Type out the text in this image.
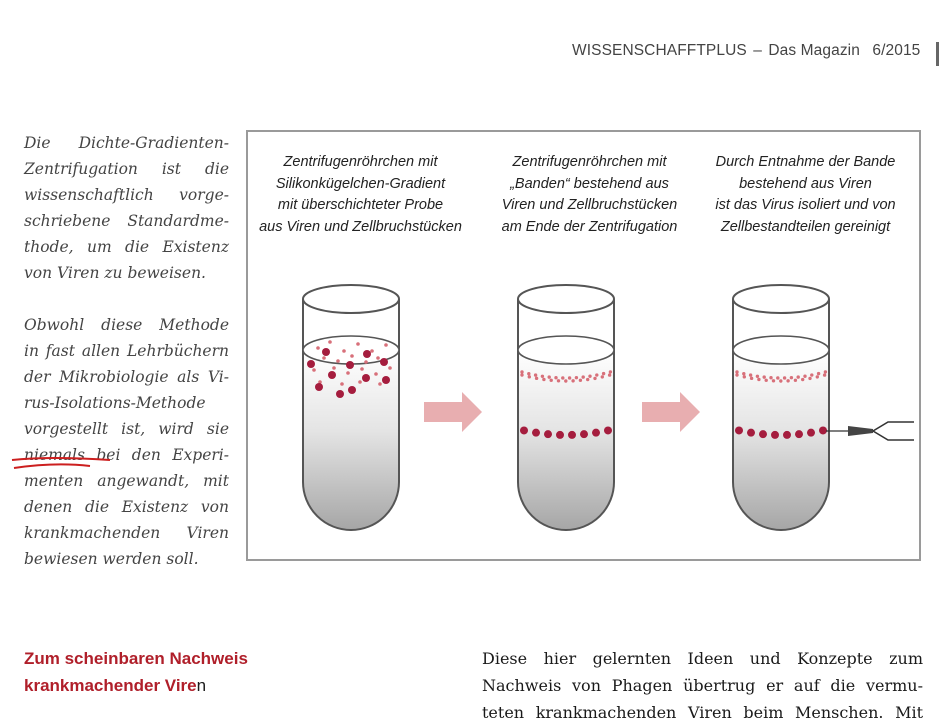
WISSENSCHAFFTPLUS – Das Magazin 6/2015

Die Dichte-Gradienten-
Zentrifugation ist die
wissenschaftlich vorge-
schriebene Standardme-
thode, um die Existenz
von Viren zu beweisen.

Obwohl diese Methode
in fast allen Lehrbüchern
der Mikrobiologie als Vi-
rus-Isolations-Methode
vorgestellt ist, wird sie
niemals bei den Experi-
menten angewandt, mit
denen die Existenz von
krankmachenden Viren
bewiesen werden soll.

Zentrifugenröhrchen mit
Silikonkügelchen-Gradient
mit überschichteter Probe
aus Viren und Zellbruchstücken
Zentrifugenröhrchen mit
„Banden“ bestehend aus
Viren und Zellbruchstücken
am Ende der Zentrifugation
Durch Entnahme der Bande
bestehend aus Viren
ist das Virus isoliert und von
Zellbestandteilen gereinigt
Zum scheinbaren Nachweis
krankmachender Viren
Diese hier gelernten Ideen und Konzepte zum
Nachweis von Phagen übertrug er auf die vermu-
teten krankmachenden Viren beim Menschen. Mit
